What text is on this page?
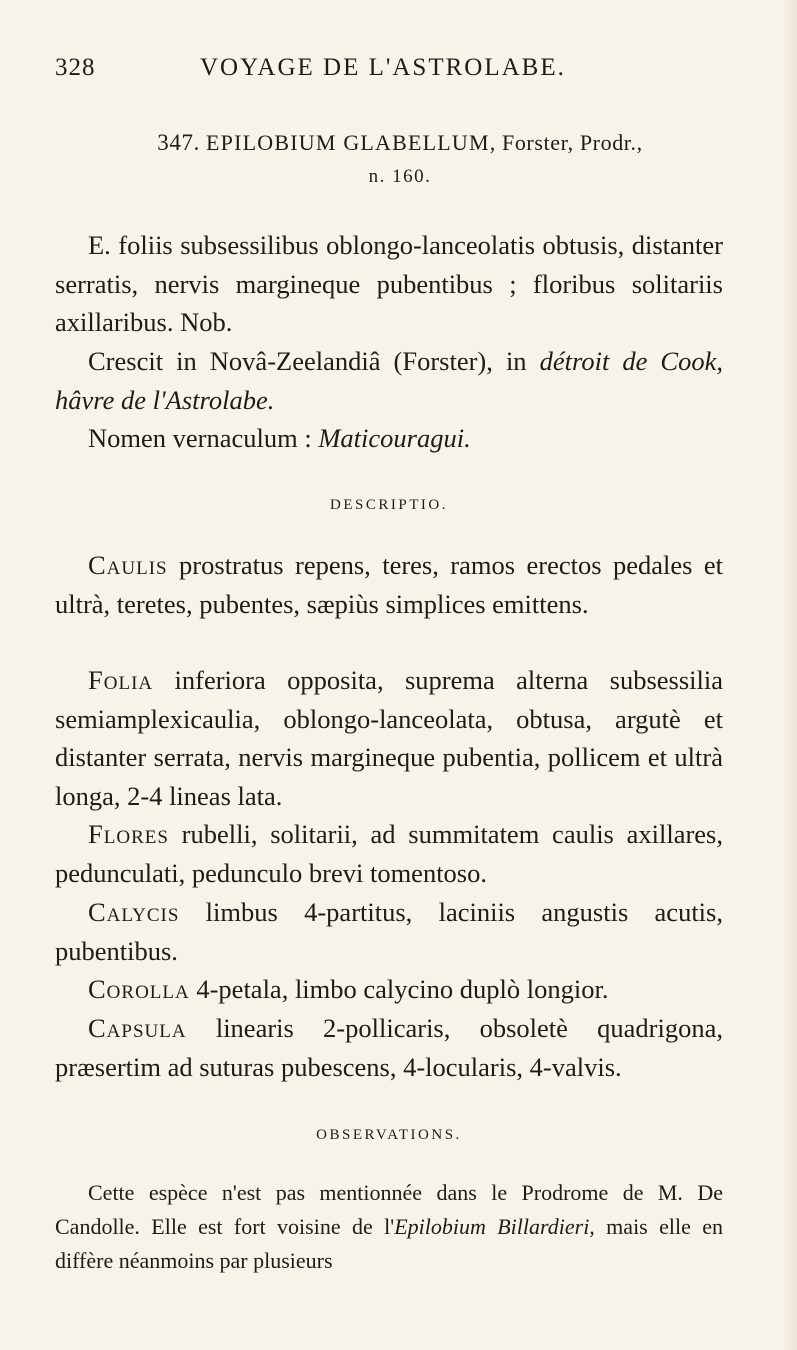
328	VOYAGE DE L'ASTROLABE.
347. EPILOBIUM GLABELLUM, Forster, Prodr.,
n. 160.

E. foliis subsessilibus oblongo-lanceolatis obtusis, distanter serratis, nervis margineque pubentibus ; floribus solitariis axillaribus. Nob.

Crescit in Novâ-Zeelandiâ (Forster), in détroit de Cook, hâvre de l'Astrolabe.

Nomen vernaculum : Maticouragui.

DESCRIPTIO.

Caulis prostratus repens, teres, ramos erectos pedales et ultrà, teretes, pubentes, sæpiùs simplices emittens.

Folia inferiora opposita, suprema alterna subsessilia semiamplexicaulia, oblongo-lanceolata, obtusa, argutè et distanter serrata, nervis margineque pubentia, pollicem et ultrà longa, 2-4 lineas lata.

Flores rubelli, solitarii, ad summitatem caulis axillares, pedunculati, pedunculo brevi tomentoso.

Calycis limbus 4-partitus, laciniis angustis acutis, pubentibus.

Corolla 4-petala, limbo calycino duplò longior.

Capsula linearis 2-pollicaris, obsoletè quadrigona, præsertim ad suturas pubescens, 4-locularis, 4-valvis.

OBSERVATIONS.

Cette espèce n'est pas mentionnée dans le Prodrome de M. De Candolle. Elle est fort voisine de l'Epilobium Billardieri, mais elle en diffère néanmoins par plusieurs
